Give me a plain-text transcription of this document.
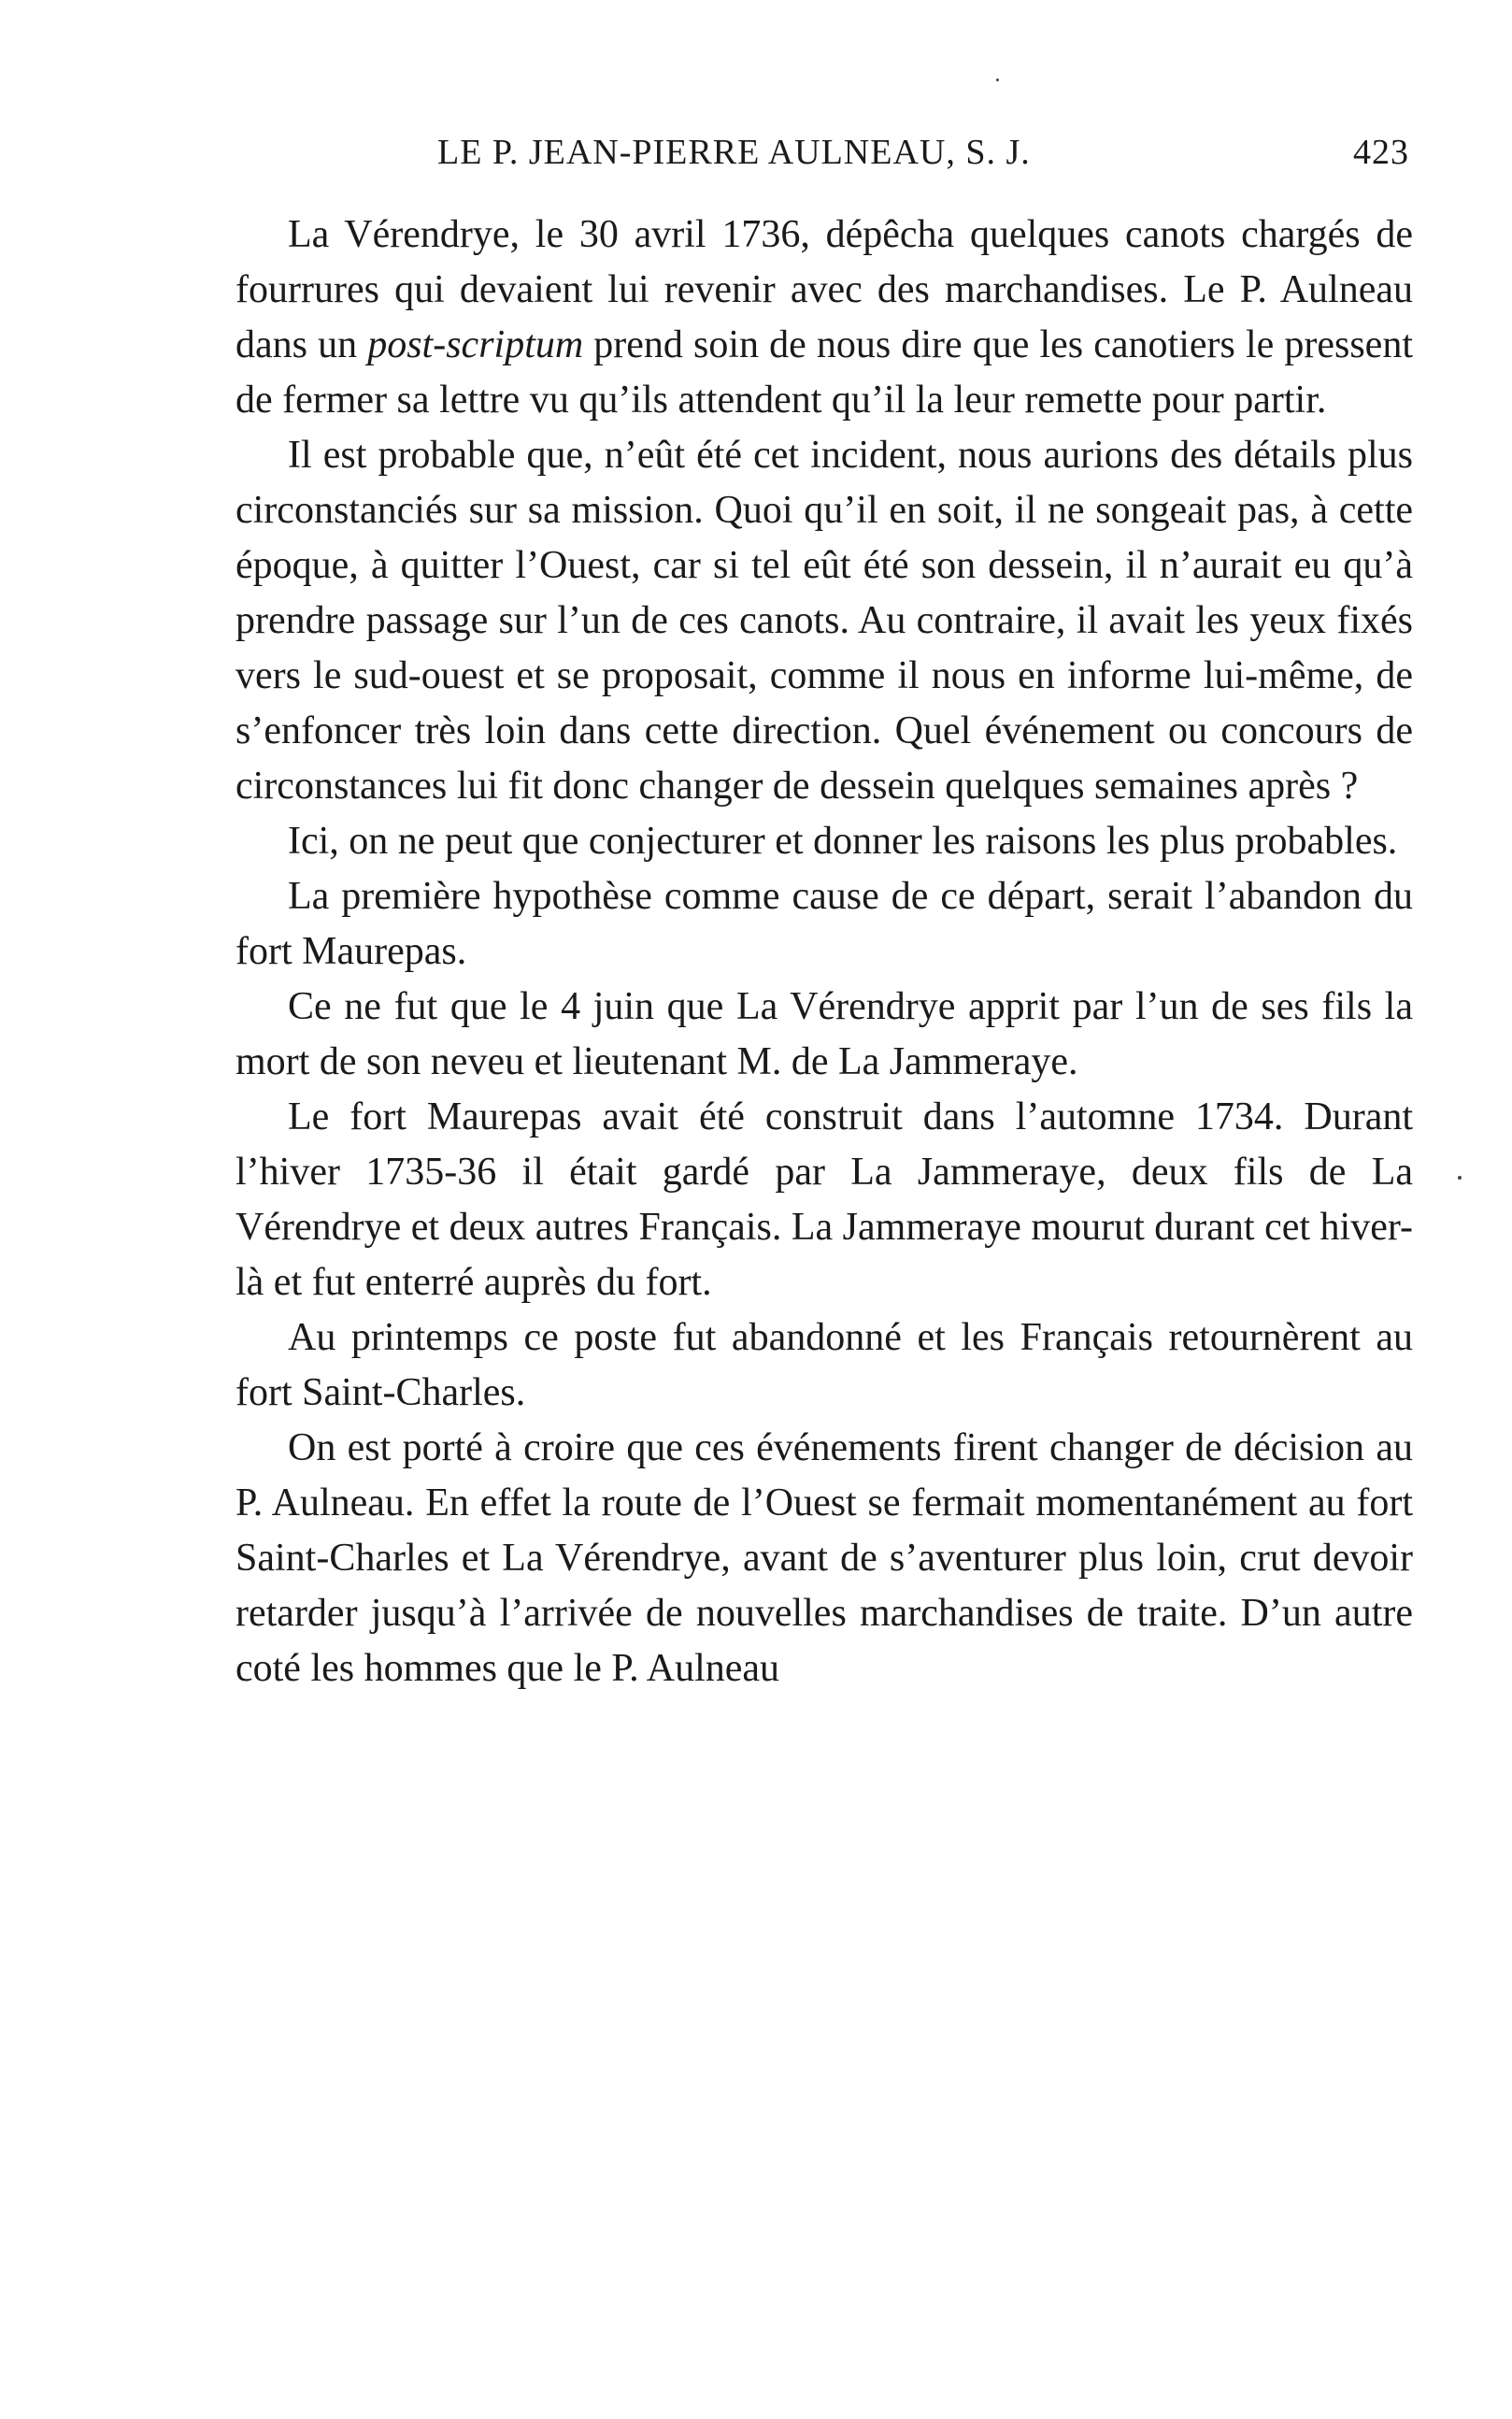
LE P. JEAN-PIERRE AULNEAU, S. J.	423

La Vérendrye, le 30 avril 1736, dépêcha quelques canots chargés de fourrures qui devaient lui revenir avec des marchandises. Le P. Aulneau dans un post-scriptum prend soin de nous dire que les canotiers le pressent de fermer sa lettre vu qu’ils attendent qu’il la leur remette pour partir.

Il est probable que, n’eût été cet incident, nous aurions des détails plus circonstanciés sur sa mission. Quoi qu’il en soit, il ne songeait pas, à cette époque, à quitter l’Ouest, car si tel eût été son dessein, il n’aurait eu qu’à prendre passage sur l’un de ces canots. Au contraire, il avait les yeux fixés vers le sud-ouest et se proposait, comme il nous en informe lui-même, de s’enfoncer très loin dans cette direction. Quel événement ou concours de circonstances lui fit donc changer de dessein quelques semaines après ?

Ici, on ne peut que conjecturer et donner les raisons les plus probables.

La première hypothèse comme cause de ce départ, serait l’abandon du fort Maurepas.

Ce ne fut que le 4 juin que La Vérendrye apprit par l’un de ses fils la mort de son neveu et lieutenant M. de La Jammeraye.

Le fort Maurepas avait été construit dans l’automne 1734. Durant l’hiver 1735-36 il était gardé par La Jammeraye, deux fils de La Vérendrye et deux autres Français. La Jammeraye mourut durant cet hiver-là et fut enterré auprès du fort.

Au printemps ce poste fut abandonné et les Français retournèrent au fort Saint-Charles.

On est porté à croire que ces événements firent changer de décision au P. Aulneau. En effet la route de l’Ouest se fermait momentanément au fort Saint-Charles et La Vérendrye, avant de s’aventurer plus loin, crut devoir retarder jusqu’à l’arrivée de nouvelles marchandises de traite. D’un autre coté les hommes que le P. Aulneau
